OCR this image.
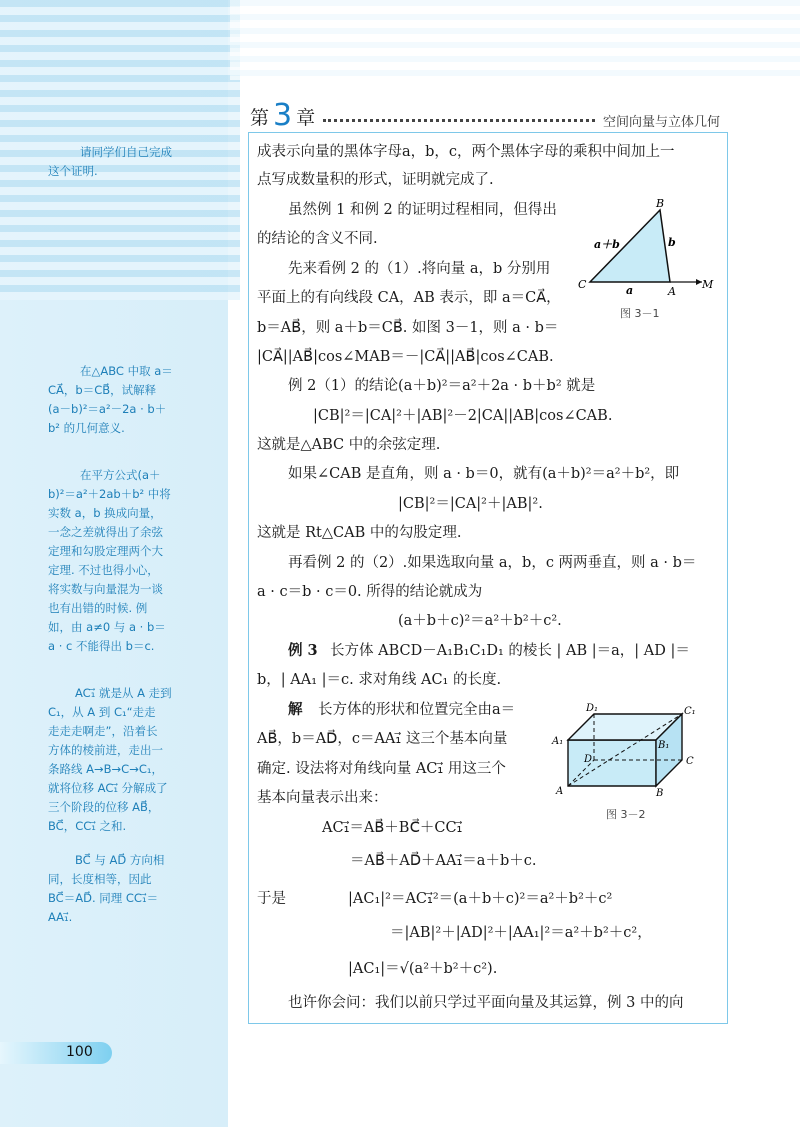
第 3 章	空间向量与立体几何
成表示向量的黑体字母a，b，c，两个黑体字母的乘积中间加上一
点写成数量积的形式，证明就完成了.
虽然例 1 和例 2 的证明过程相同，但得出
的结论的含义不同.
先来看例 2 的（1）.将向量 a，b 分别用
平面上的有向线段 CA，AB 表示，即 a＝CA⃗，
b＝AB⃗，则 a＋b＝CB⃗. 如图 3－1，则 a · b＝
|CA⃗||AB⃗|cos∠MAB＝－|CA⃗||AB⃗|cos∠CAB.
例 2（1）的结论(a＋b)²＝a²＋2a · b＋b² 就是
|CB|²＝|CA|²＋|AB|²－2|CA||AB|cos∠CAB.
这就是△ABC 中的余弦定理.
如果∠CAB 是直角，则 a · b＝0，就有(a＋b)²＝a²＋b²，即
|CB|²＝|CA|²＋|AB|².
这就是 Rt△CAB 中的勾股定理.
再看例 2 的（2）.如果选取向量 a，b，c 两两垂直，则 a · b＝
a · c＝b · c＝0. 所得的结论就成为
(a＋b＋c)²＝a²＋b²＋c².
例 3 长方体 ABCD－A₁B₁C₁D₁ 的棱长 | AB |＝a，| AD |＝
b，| AA₁ |＝c. 求对角线 AC₁ 的长度.
解 长方体的形状和位置完全由a＝
AB⃗，b＝AD⃗，c＝AA₁⃗ 这三个基本向量
确定. 设法将对角线向量 AC₁⃗ 用这三个
基本向量表示出来：
AC₁⃗＝AB⃗＋BC⃗＋CC₁⃗
＝AB⃗＋AD⃗＋AA₁⃗＝a＋b＋c.
于是	|AC₁|²＝AC₁⃗²＝(a＋b＋c)²＝a²＋b²＋c²
＝|AB|²＋|AD|²＋|AA₁|²＝a²＋b²＋c²，
|AC₁|＝√(a²＋b²＋c²).
也许你会问：我们以前只学过平面向量及其运算，例 3 中的向
B
C
A
M
a＋b	b
a
图 3－1
D₁	C₁
A₁	B₁
D	C
A	B
图 3－2
请同学们自己完成
这个证明.
在△ABC 中取 a＝
CA⃗，b＝CB⃗，试解释
(a－b)²＝a²－2a · b＋
b² 的几何意义.
在平方公式(a＋
b)²＝a²＋2ab＋b² 中将
实数 a，b 换成向量，
一念之差就得出了余弦
定理和勾股定理两个大
定理. 不过也得小心，
将实数与向量混为一谈
也有出错的时候. 例
如，由 a≠0 与 a · b＝
a · c 不能得出 b＝c.
AC₁⃗ 就是从 A 走到
C₁，从 A 到 C₁“走走
走走走啊走”，沿着长
方体的棱前进，走出一
条路线 A→B→C→C₁，
就将位移 AC₁⃗ 分解成了
三个阶段的位移 AB⃗，
BC⃗，CC₁⃗ 之和.
BC⃗ 与 AD⃗ 方向相
同，长度相等，因此
BC⃗＝AD⃗. 同理 CC₁⃗＝
AA₁⃗.
100
